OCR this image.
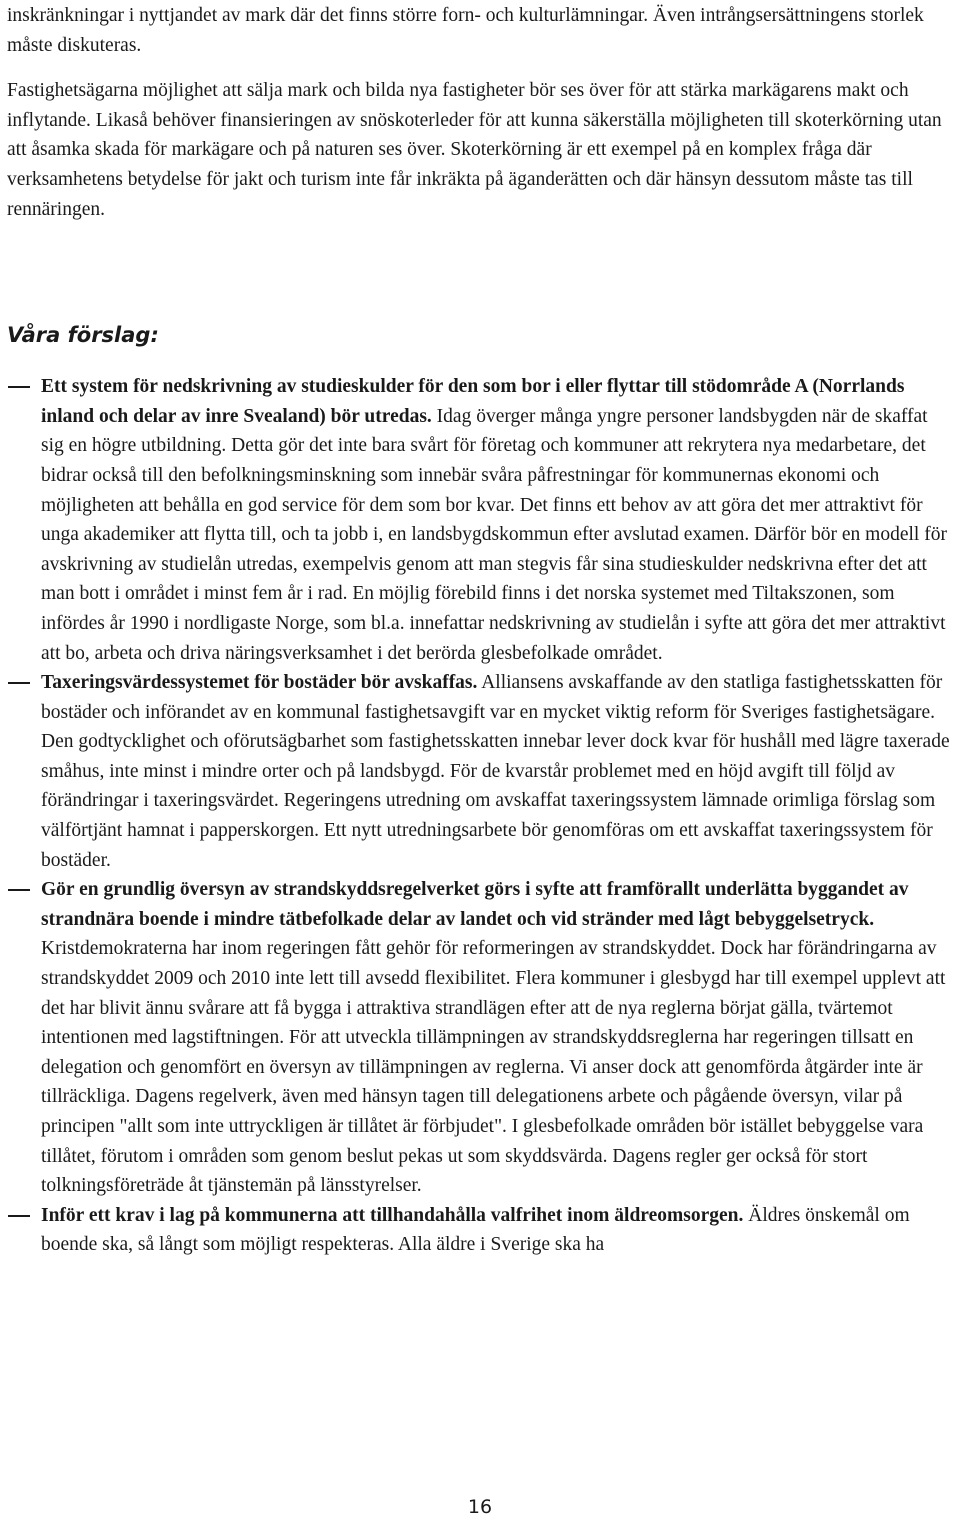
inskränkningar i nyttjandet av mark där det finns större forn- och kulturlämningar. Även intrångsersättningens storlek måste diskuteras.

Fastighetsägarna möjlighet att sälja mark och bilda nya fastigheter bör ses över för att stärka markägarens makt och inflytande. Likaså behöver finansieringen av snöskoterleder för att kunna säkerställa möjligheten till skoterkörning utan att åsamka skada för markägare och på naturen ses över. Skoterkörning är ett exempel på en komplex fråga där verksamhetens betydelse för jakt och turism inte får inkräkta på äganderätten och där hänsyn dessutom måste tas till rennäringen.

Våra förslag:
Ett system för nedskrivning av studieskulder för den som bor i eller flyttar till stödområde A (Norrlands inland och delar av inre Svealand) bör utredas. Idag överger många yngre personer landsbygden när de skaffat sig en högre utbildning. Detta gör det inte bara svårt för företag och kommuner att rekrytera nya medarbetare, det bidrar också till den befolkningsminskning som innebär svåra påfrestningar för kommunernas ekonomi och möjligheten att behålla en god service för dem som bor kvar. Det finns ett behov av att göra det mer attraktivt för unga akademiker att flytta till, och ta jobb i, en landsbygdskommun efter avslutad examen. Därför bör en modell för avskrivning av studielån utredas, exempelvis genom att man stegvis får sina studieskulder nedskrivna efter det att man bott i området i minst fem år i rad. En möjlig förebild finns i det norska systemet med Tiltakszonen, som infördes år 1990 i nordligaste Norge, som bl.a. innefattar nedskrivning av studielån i syfte att göra det mer attraktivt att bo, arbeta och driva näringsverksamhet i det berörda glesbefolkade området.
Taxeringsvärdessystemet för bostäder bör avskaffas. Alliansens avskaffande av den statliga fastighetsskatten för bostäder och införandet av en kommunal fastighetsavgift var en mycket viktig reform för Sveriges fastighetsägare. Den godtycklighet och oförutsägbarhet som fastighetsskatten innebar lever dock kvar för hushåll med lägre taxerade småhus, inte minst i mindre orter och på landsbygd. För de kvarstår problemet med en höjd avgift till följd av förändringar i taxeringsvärdet. Regeringens utredning om avskaffat taxeringssystem lämnade orimliga förslag som välförtjänt hamnat i papperskorgen. Ett nytt utredningsarbete bör genomföras om ett avskaffat taxeringssystem för bostäder.
Gör en grundlig översyn av strandskyddsregelverket görs i syfte att framförallt underlätta byggandet av strandnära boende i mindre tätbefolkade delar av landet och vid stränder med lågt bebyggelsetryck. Kristdemokraterna har inom regeringen fått gehör för reformeringen av strandskyddet. Dock har förändringarna av strandskyddet 2009 och 2010 inte lett till avsedd flexibilitet. Flera kommuner i glesbygd har till exempel upplevt att det har blivit ännu svårare att få bygga i attraktiva strandlägen efter att de nya reglerna börjat gälla, tvärtemot intentionen med lagstiftningen. För att utveckla tillämpningen av strandskyddsreglerna har regeringen tillsatt en delegation och genomfört en översyn av tillämpningen av reglerna. Vi anser dock att genomförda åtgärder inte är tillräckliga. Dagens regelverk, även med hänsyn tagen till delegationens arbete och pågående översyn, vilar på principen "allt som inte uttryckligen är tillåtet är förbjudet". I glesbefolkade områden bör istället bebyggelse vara tillåtet, förutom i områden som genom beslut pekas ut som skyddsvärda. Dagens regler ger också för stort tolkningsföreträde åt tjänstemän på länsstyrelser.
Inför ett krav i lag på kommunerna att tillhandahålla valfrihet inom äldreomsorgen. Äldres önskemål om boende ska, så långt som möjligt respekteras. Alla äldre i Sverige ska ha
16
